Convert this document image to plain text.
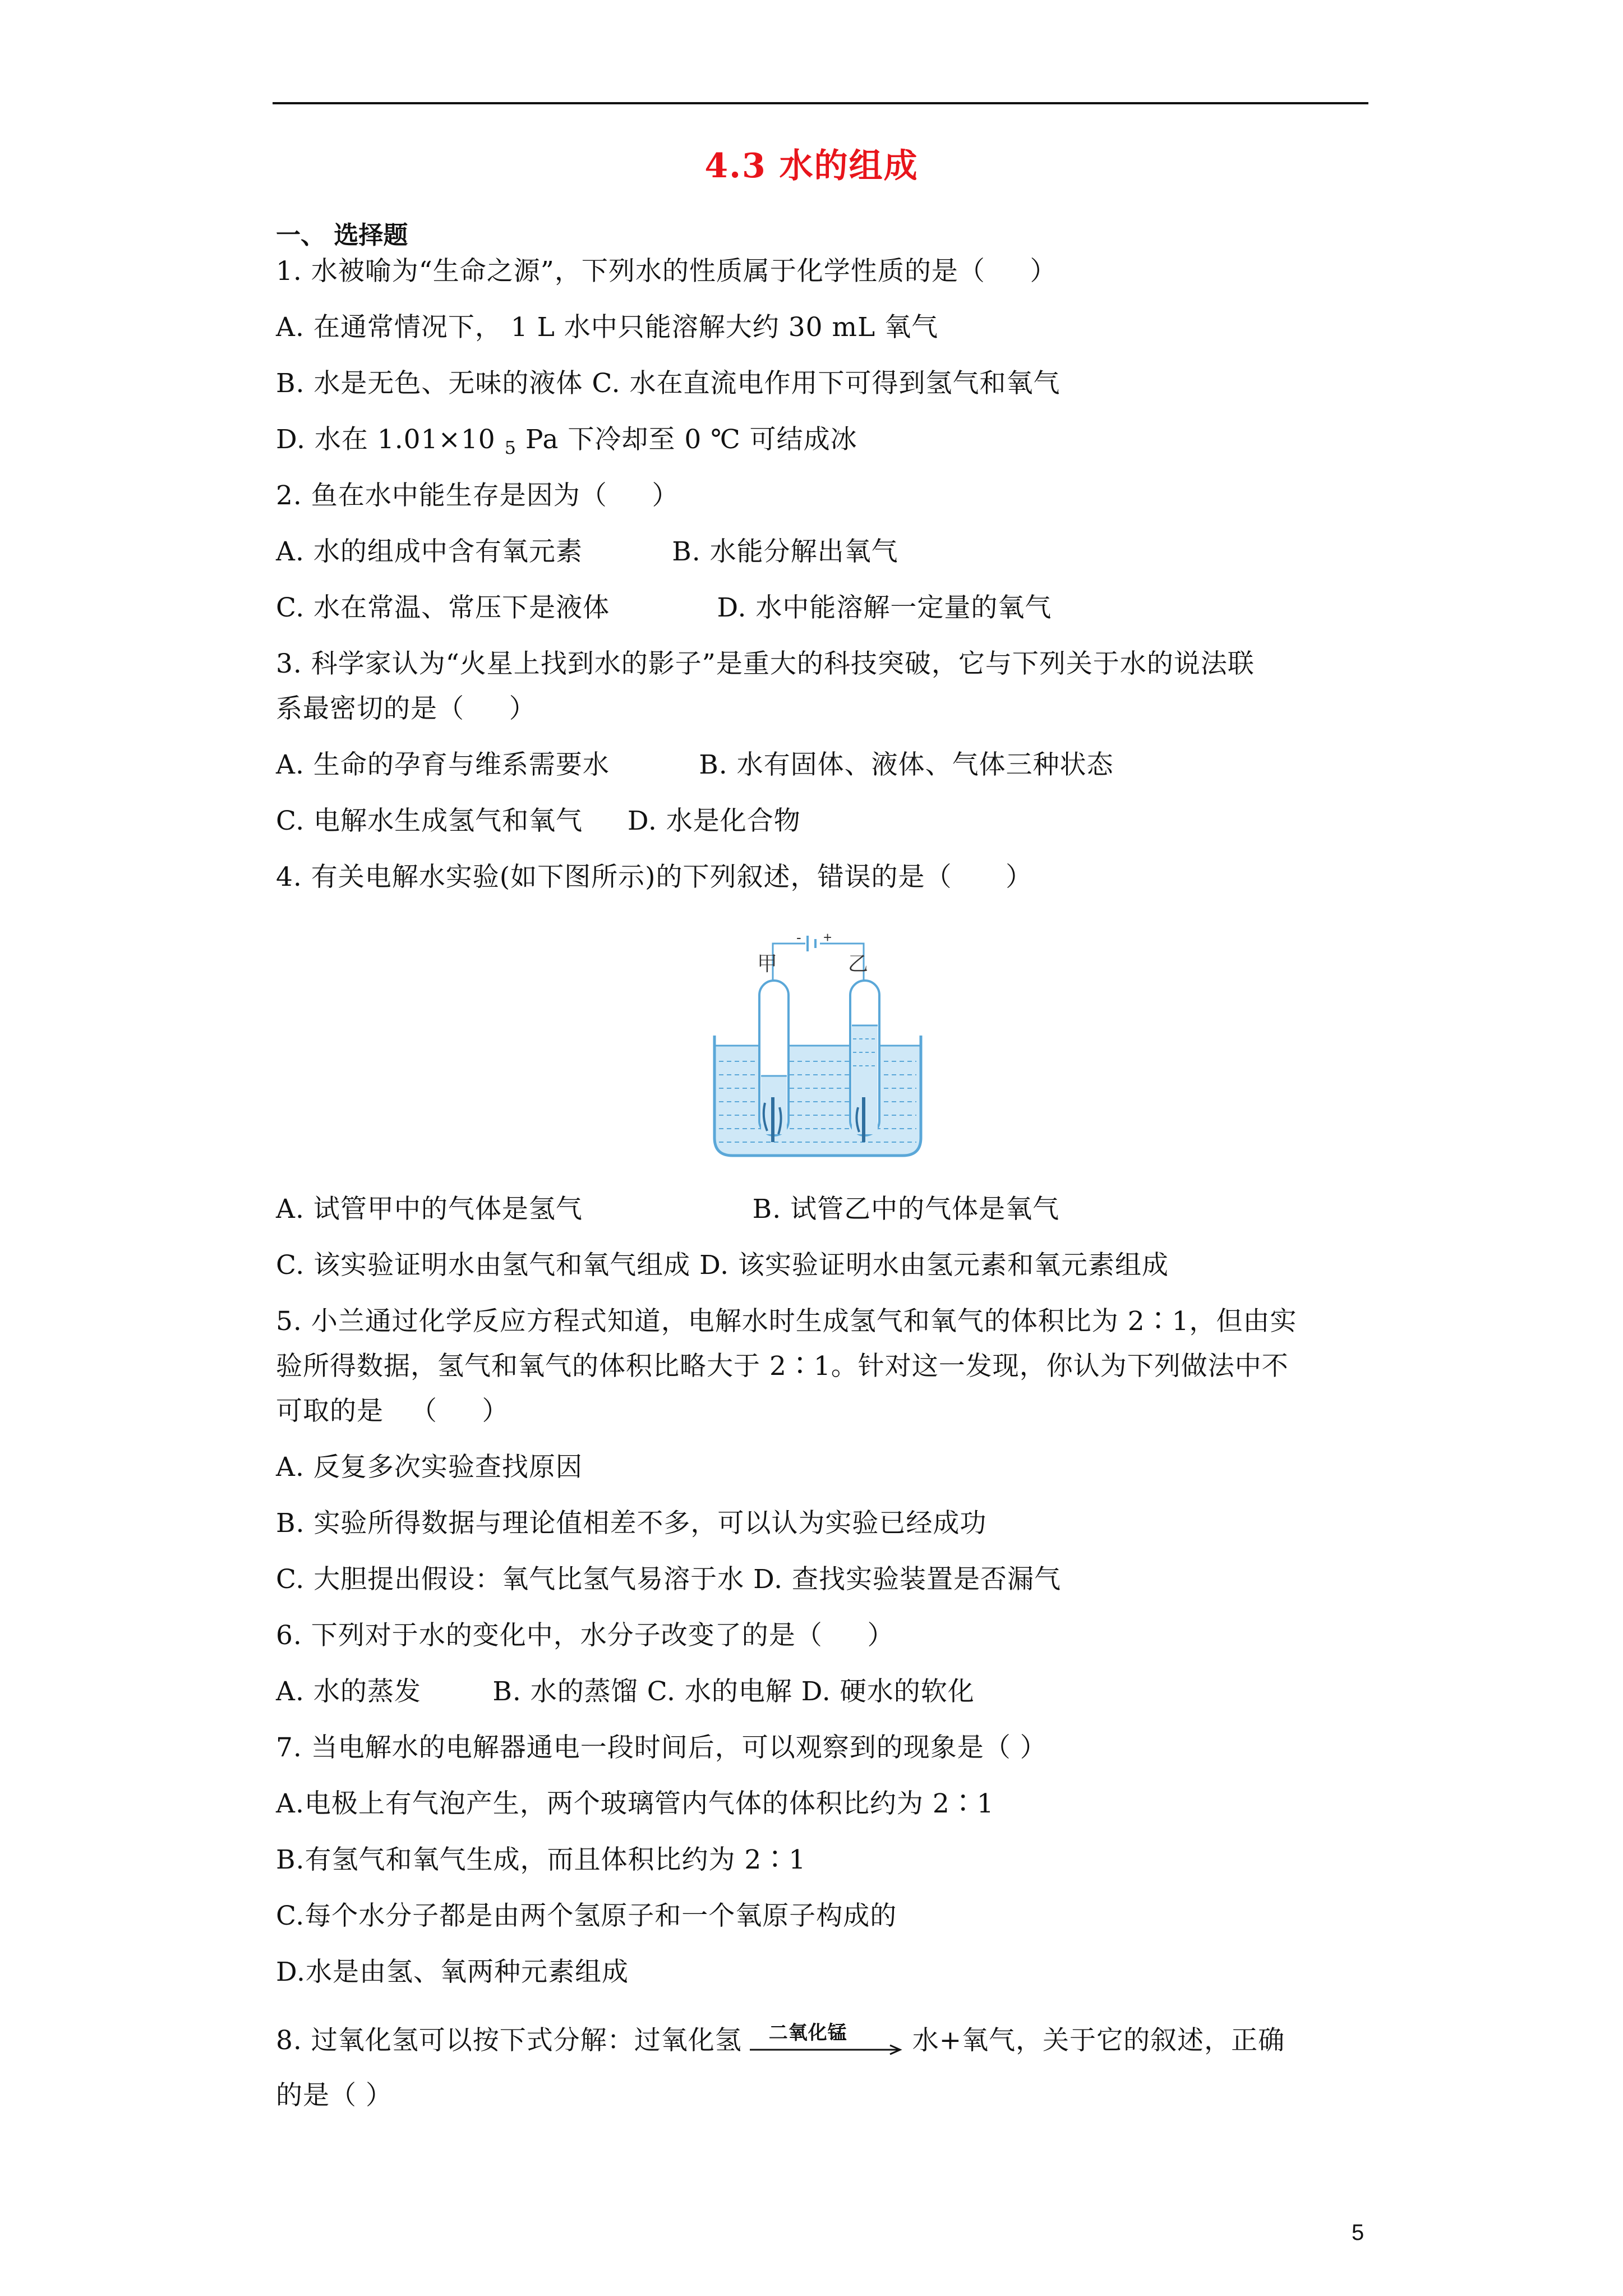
4.3 水的组成
一、 选择题
1. 水被喻为“生命之源”，下列水的性质属于化学性质的是（     ）
A. 在通常情况下， 1 L 水中只能溶解大约 30 mL 氧气
B. 水是无色、无味的液体 C. 水在直流电作用下可得到氢气和氧气
D. 水在 1.01×10 $_5$ Pa 下冷却至 0 ℃ 可结成冰
2. 鱼在水中能生存是因为（     ）
A. 水的组成中含有氧元素          B. 水能分解出氧气
C. 水在常温、常压下是液体            D. 水中能溶解一定量的氧气
3. 科学家认为“火星上找到水的影子”是重大的科技突破，它与下列关于水的说法联
系最密切的是（     ）
A. 生命的孕育与维系需要水          B. 水有固体、液体、气体三种状态
C. 电解水生成氢气和氧气     D. 水是化合物
4. 有关电解水实验(如下图所示)的下列叙述，错误的是（      ）
- +
甲	乙
A. 试管甲中的气体是氢气                   B. 试管乙中的气体是氧气
C. 该实验证明水由氢气和氧气组成 D. 该实验证明水由氢元素和氧元素组成
5. 小兰通过化学反应方程式知道，电解水时生成氢气和氧气的体积比为 2∶1，但由实
验所得数据，氢气和氧气的体积比略大于 2∶1。针对这一发现，你认为下列做法中不
可取的是   （     ）
A. 反复多次实验查找原因
B. 实验所得数据与理论值相差不多，可以认为实验已经成功
C. 大胆提出假设：氧气比氢气易溶于水 D. 查找实验装置是否漏气
6. 下列对于水的变化中，水分子改变了的是（     ）
A. 水的蒸发        B. 水的蒸馏 C. 水的电解 D. 硬水的软化
7. 当电解水的电解器通电一段时间后，可以观察到的现象是（ ）
A.电极上有气泡产生，两个玻璃管内气体的体积比约为 2∶1
B.有氢气和氧气生成，而且体积比约为 2∶1
C.每个水分子都是由两个氢原子和一个氧原子构成的
D.水是由氢、氧两种元素组成
8. 过氧化氢可以按下式分解：过氧化氢 二氧化锰 水+氧气，关于它的叙述，正确
的是（ ）
5
